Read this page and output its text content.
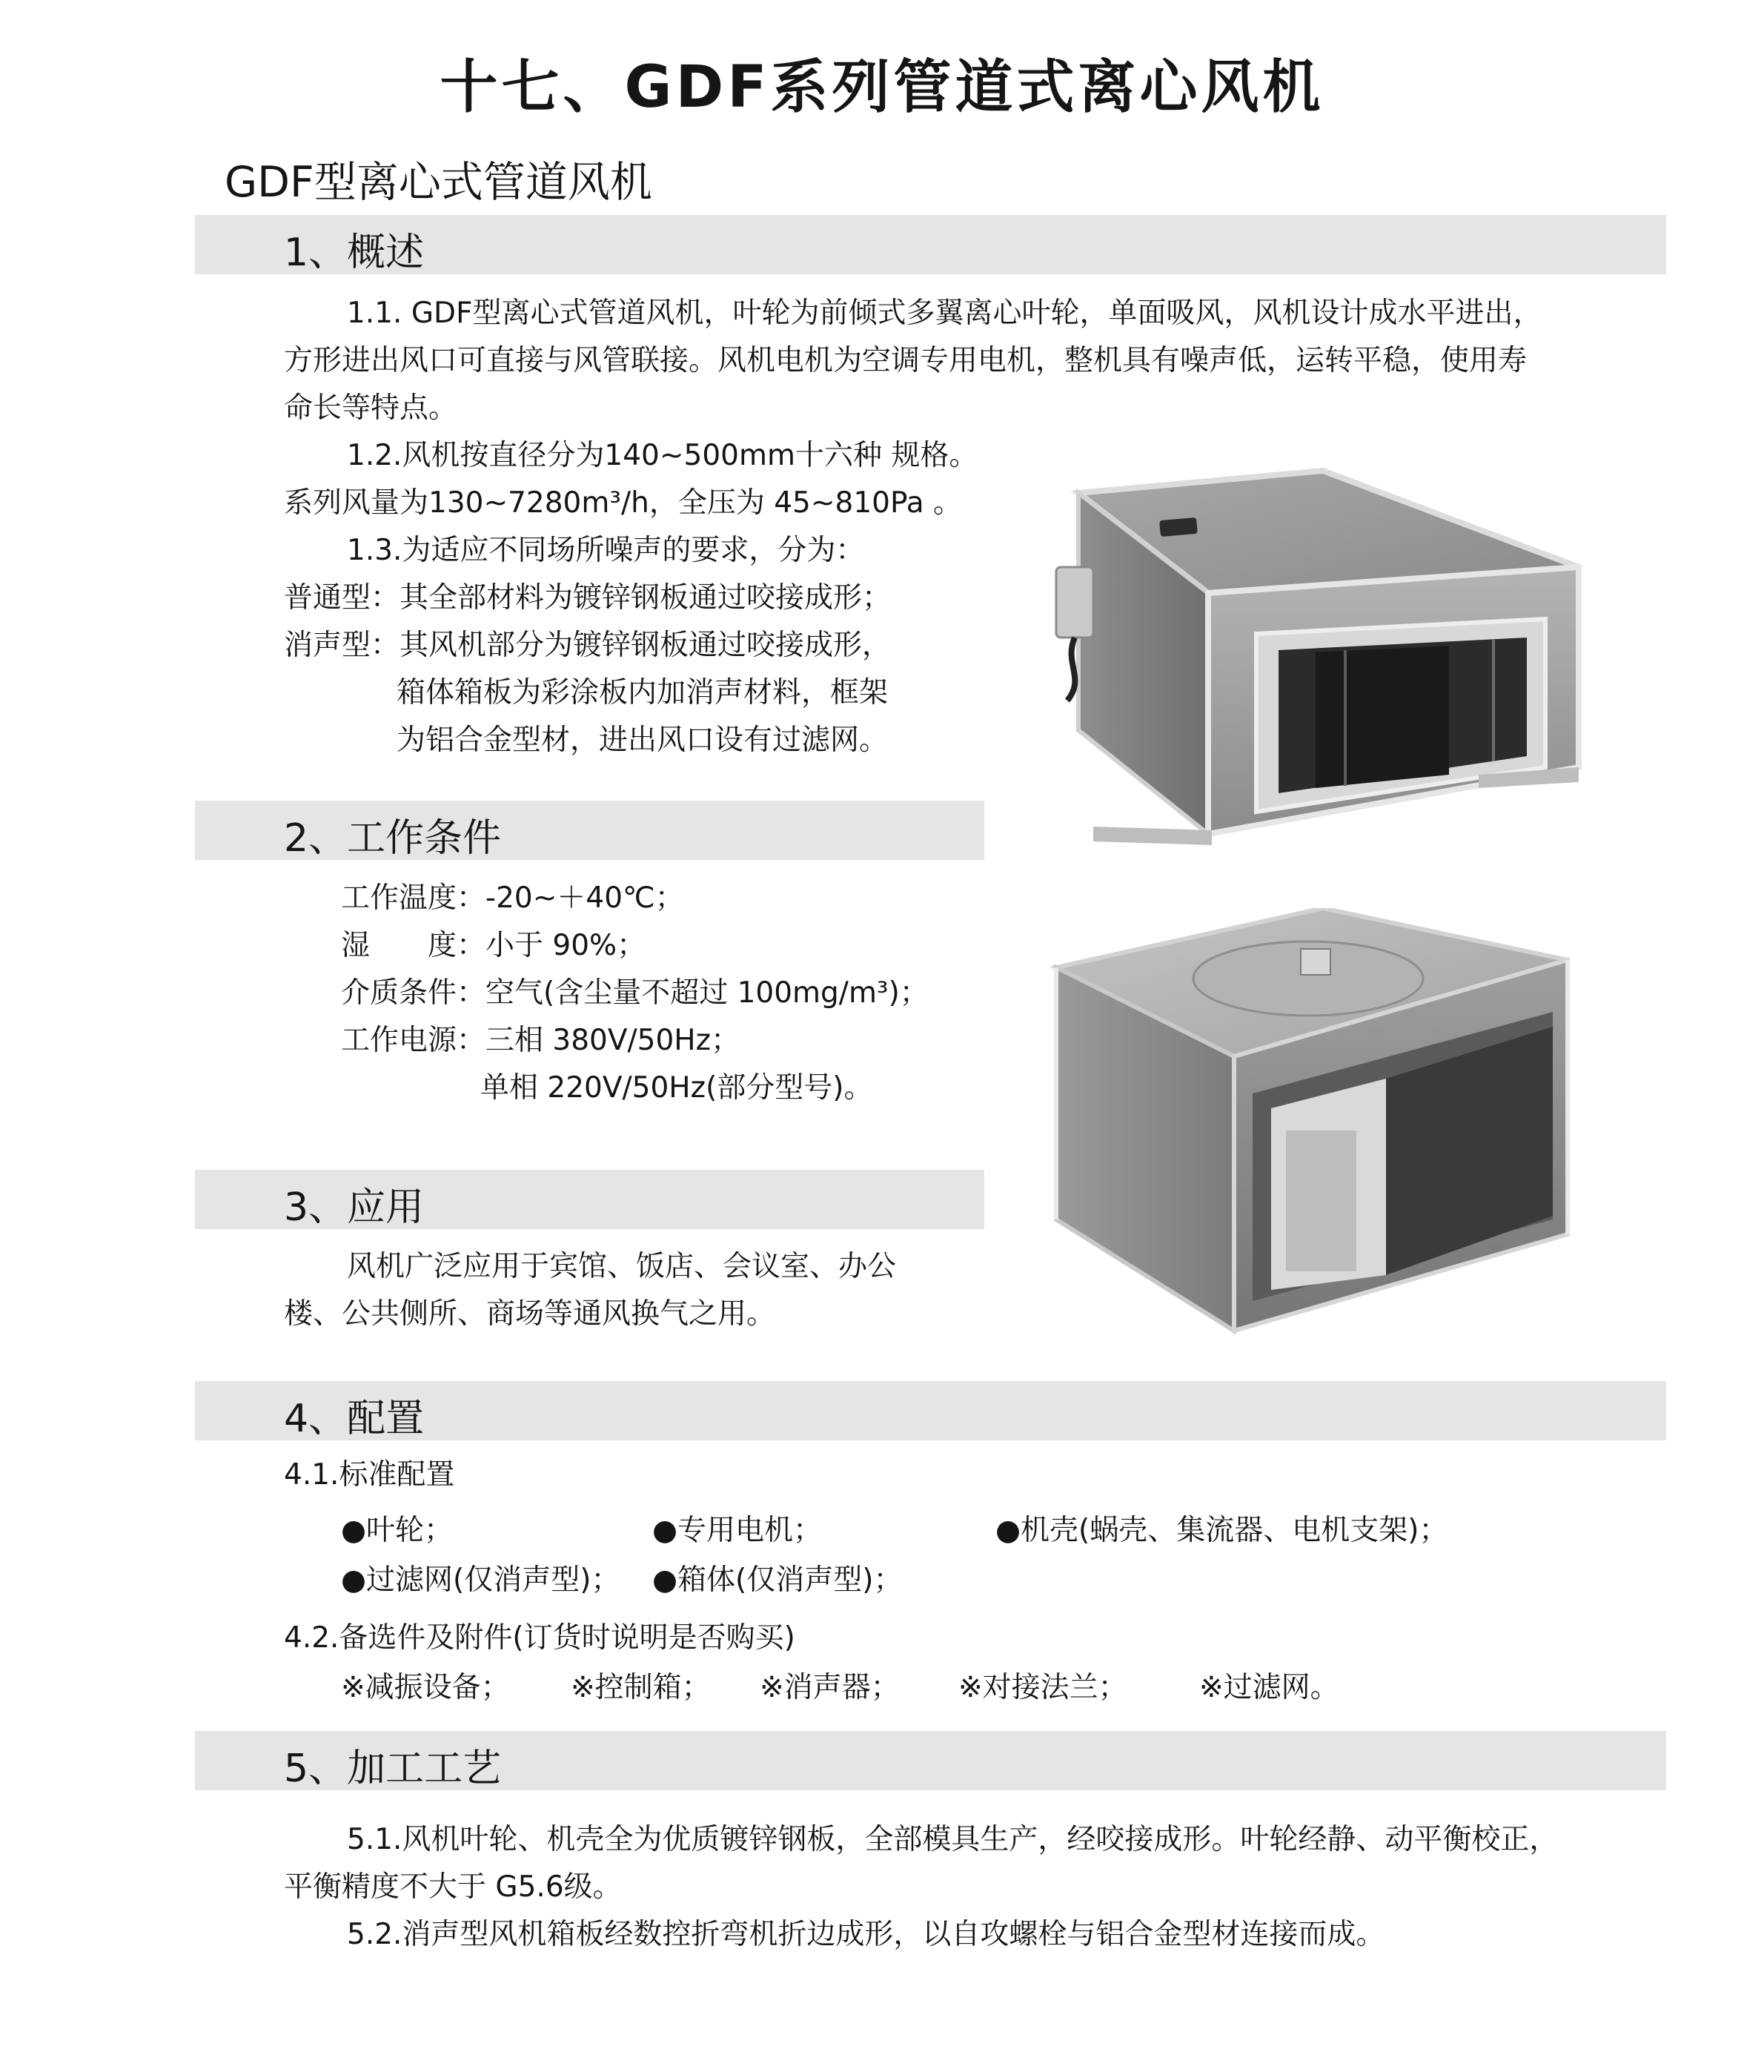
十七、GDF系列管道式离心风机
GDF型离心式管道风机
1、概述
1.1. GDF型离心式管道风机，叶轮为前倾式多翼离心叶轮，单面吸风，风机设计成水平进出，
方形进出风口可直接与风管联接。风机电机为空调专用电机，整机具有噪声低，运转平稳，使用寿
命长等特点。
1.2.风机按直径分为140~500mm十六种 规格。
系列风量为130~7280m³/h，全压为 45~810Pa 。
1.3.为适应不同场所噪声的要求，分为：
普通型：其全部材料为镀锌钢板通过咬接成形；
消声型：其风机部分为镀锌钢板通过咬接成形，
箱体箱板为彩涂板内加消声材料，框架
为铝合金型材，进出风口设有过滤网。
2、工作条件
工作温度：-20~＋40℃；
湿　　度：小于 90%；
介质条件：空气(含尘量不超过 100mg/m³)；
工作电源：三相 380V/50Hz；
单相 220V/50Hz(部分型号)。
3、应用
风机广泛应用于宾馆、饭店、会议室、办公
楼、公共侧所、商场等通风换气之用。
4、配置
4.1.标准配置
●叶轮；	●专用电机；	●机壳(蜗壳、集流器、电机支架)；
●过滤网(仅消声型)； ●箱体(仅消声型)；
4.2.备选件及附件(订货时说明是否购买)
※减振设备； ※控制箱； ※消声器； ※对接法兰； ※过滤网。
5、加工工艺
5.1.风机叶轮、机壳全为优质镀锌钢板，全部模具生产，经咬接成形。叶轮经静、动平衡校正，
平衡精度不大于 G5.6级。
5.2.消声型风机箱板经数控折弯机折边成形，以自攻螺栓与铝合金型材连接而成。
